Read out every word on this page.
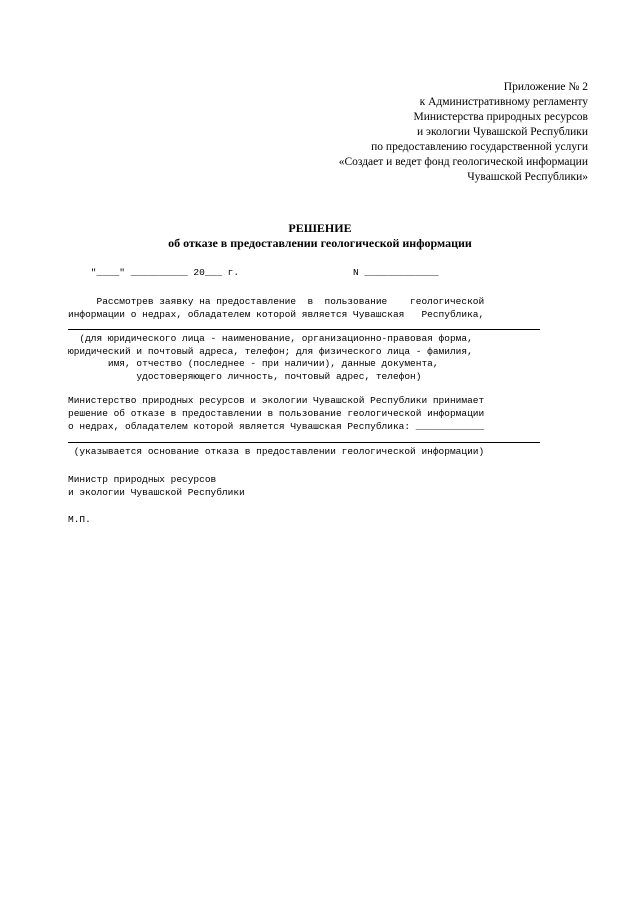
Приложение № 2
к Административному регламенту
Министерства природных ресурсов
и экологии Чувашской Республики
по предоставлению государственной услуги
«Создает и ведет фонд геологической информации
Чувашской Республики»
РЕШЕНИЕ
об отказе в предоставлении геологической информации
"____" __________ 20___ г.                    N _____________
Рассмотрев заявку на предоставление  в  пользование    геологической
информации о недрах, обладателем которой является Чувашская   Республика,
(для юридического лица - наименование, организационно-правовая форма,
юридический и почтовый адреса, телефон; для физического лица - фамилия,
имя, отчество (последнее - при наличии), данные документа,
удостоверяющего личность, почтовый адрес, телефон)
Министерство природных ресурсов и экологии Чувашской Республики принимает
решение об отказе в предоставлении в пользование геологической информации
о недрах, обладателем которой является Чувашская Республика: ____________
(указывается основание отказа в предоставлении геологической информации)
Министр природных ресурсов
и экологии Чувашской Республики
М.П.
